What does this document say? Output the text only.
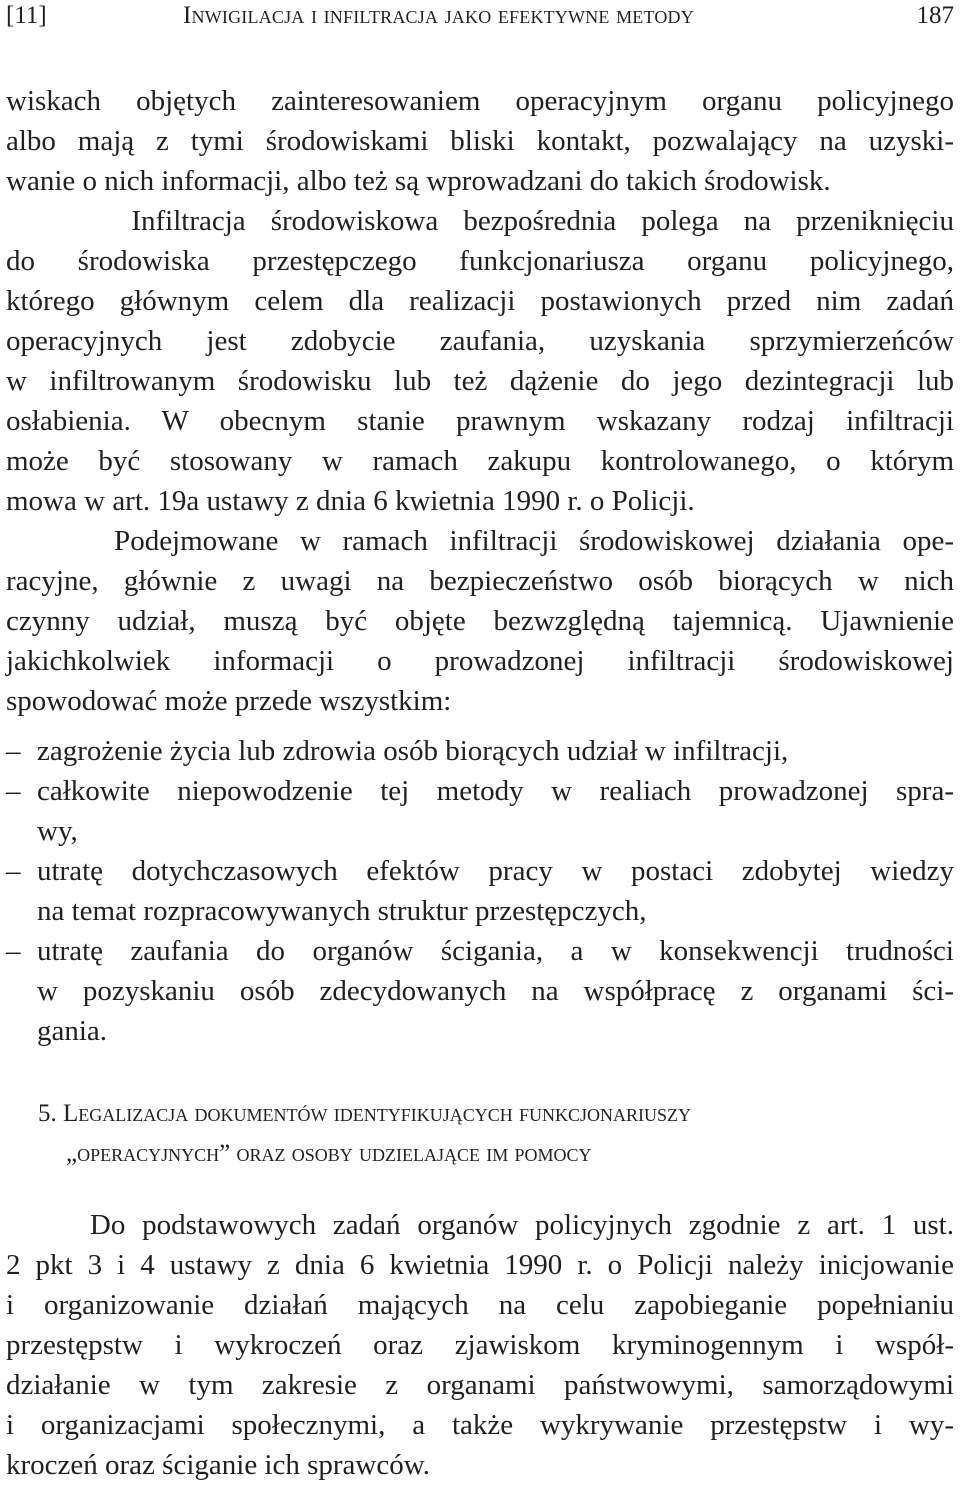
[11]	Inwigilacja i infiltracja jako efektywne metody	187
wiskach objętych zainteresowaniem operacyjnym organu policyjnego
albo mają z tymi środowiskami bliski kontakt, pozwalający na uzyski-
wanie o nich informacji, albo też są wprowadzani do takich środowisk.
Infiltracja środowiskowa bezpośrednia polega na przeniknięciu
do środowiska przestępczego funkcjonariusza organu policyjnego,
którego głównym celem dla realizacji postawionych przed nim zadań
operacyjnych jest zdobycie zaufania, uzyskania sprzymierzeńców
w infiltrowanym środowisku lub też dążenie do jego dezintegracji lub
osłabienia. W obecnym stanie prawnym wskazany rodzaj infiltracji
może być stosowany w ramach zakupu kontrolowanego, o którym
mowa w art. 19a ustawy z dnia 6 kwietnia 1990 r. o Policji.
Podejmowane w ramach infiltracji środowiskowej działania ope-
racyjne, głównie z uwagi na bezpieczeństwo osób biorących w nich
czynny udział, muszą być objęte bezwzględną tajemnicą. Ujawnienie
jakichkolwiek informacji o prowadzonej infiltracji środowiskowej
spowodować może przede wszystkim:
– zagrożenie życia lub zdrowia osób biorących udział w infiltracji,
– całkowite niepowodzenie tej metody w realiach prowadzonej spra-
wy,
– utratę dotychczasowych efektów pracy w postaci zdobytej wiedzy
na temat rozpracowywanych struktur przestępczych,
– utratę zaufania do organów ścigania, a w konsekwencji trudności
w pozyskaniu osób zdecydowanych na współpracę z organami ści-
gania.
5. Legalizacja dokumentów identyfikujących funkcjonariuszy
„operacyjnych” oraz osoby udzielające im pomocy
Do podstawowych zadań organów policyjnych zgodnie z art. 1 ust.
2 pkt 3 i 4 ustawy z dnia 6 kwietnia 1990 r. o Policji należy inicjowanie
i organizowanie działań mających na celu zapobieganie popełnianiu
przestępstw i wykroczeń oraz zjawiskom kryminogennym i współ-
działanie w tym zakresie z organami państwowymi, samorządowymi
i organizacjami społecznymi, a także wykrywanie przestępstw i wy-
kroczeń oraz ściganie ich sprawców.
